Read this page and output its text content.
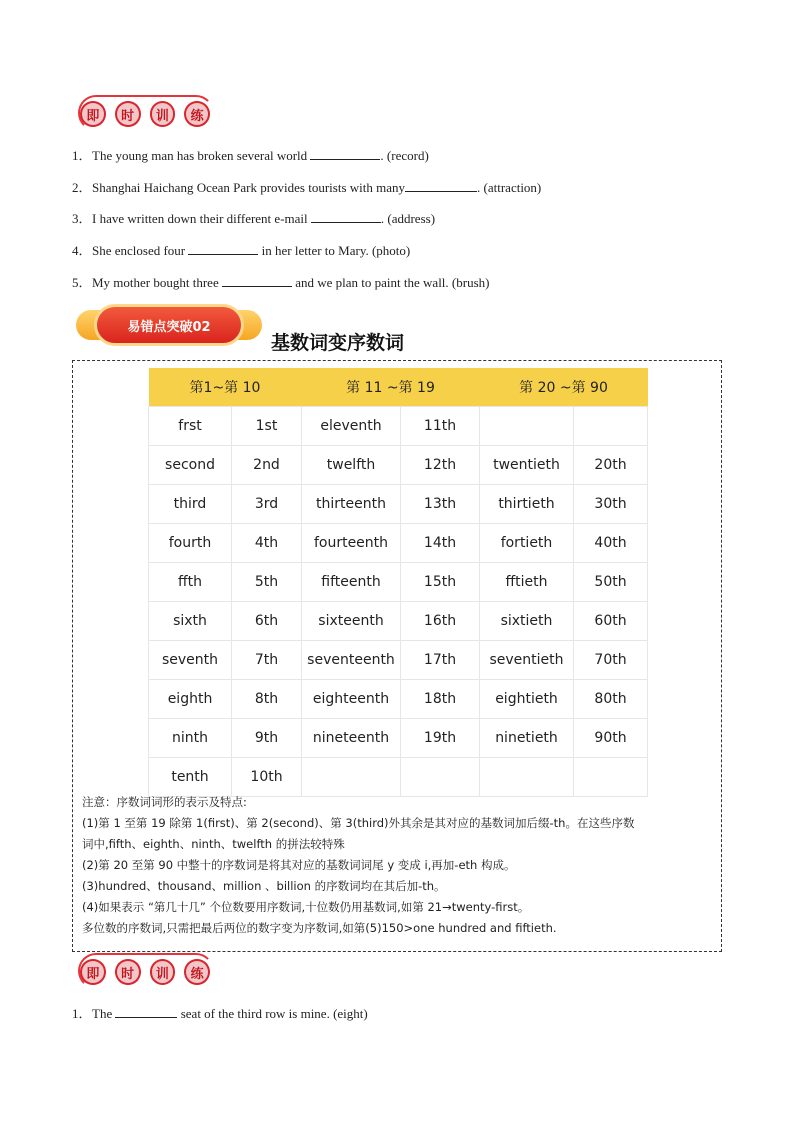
即	时	训	练
1．The young man has broken several world	. (record)
2．Shanghai Haichang Ocean Park provides tourists with many	. (attraction)
3．I have written down their different e-mail	. (address)
4．She enclosed four	in her letter to Mary. (photo)
5．My mother bought three	and we plan to paint the wall. (brush)
易错点突破02
基数词变序数词
第1~第 10		第 11 ~第 19		第 20 ~第 90	
frst	1st	eleventh	11th		
second	2nd	twelfth	12th	twentieth	20th
third	3rd	thirteenth	13th	thirtieth	30th
fourth	4th	fourteenth	14th	fortieth	40th
ffth	5th	fifteenth	15th	fftieth	50th
sixth	6th	sixteenth	16th	sixtieth	60th
seventh	7th	seventeenth	17th	seventieth	70th
eighth	8th	eighteenth	18th	eightieth	80th
ninth	9th	nineteenth	19th	ninetieth	90th
tenth	10th				
注意：序数词词形的表示及特点:
(1)第 1 至第 19 除第 1(first)、第 2(second)、第 3(third)外其余是其对应的基数词加后缀-th。在这些序数
词中,fifth、eighth、ninth、twelfth 的拼法较特殊
(2)第 20 至第 90 中整十的序数词是将其对应的基数词词尾 y 变成 i,再加-eth 构成。
(3)hundred、thousand、million 、billion 的序数词均在其后加-th。
(4)如果表示 “第几十几” 个位数要用序数词,十位数仍用基数词,如第 21→twenty-first。
多位数的序数词,只需把最后两位的数字变为序数词,如第(5)150>one hundred and fiftieth.
即	时	训	练
1．The	seat of the third row is mine. (eight)
